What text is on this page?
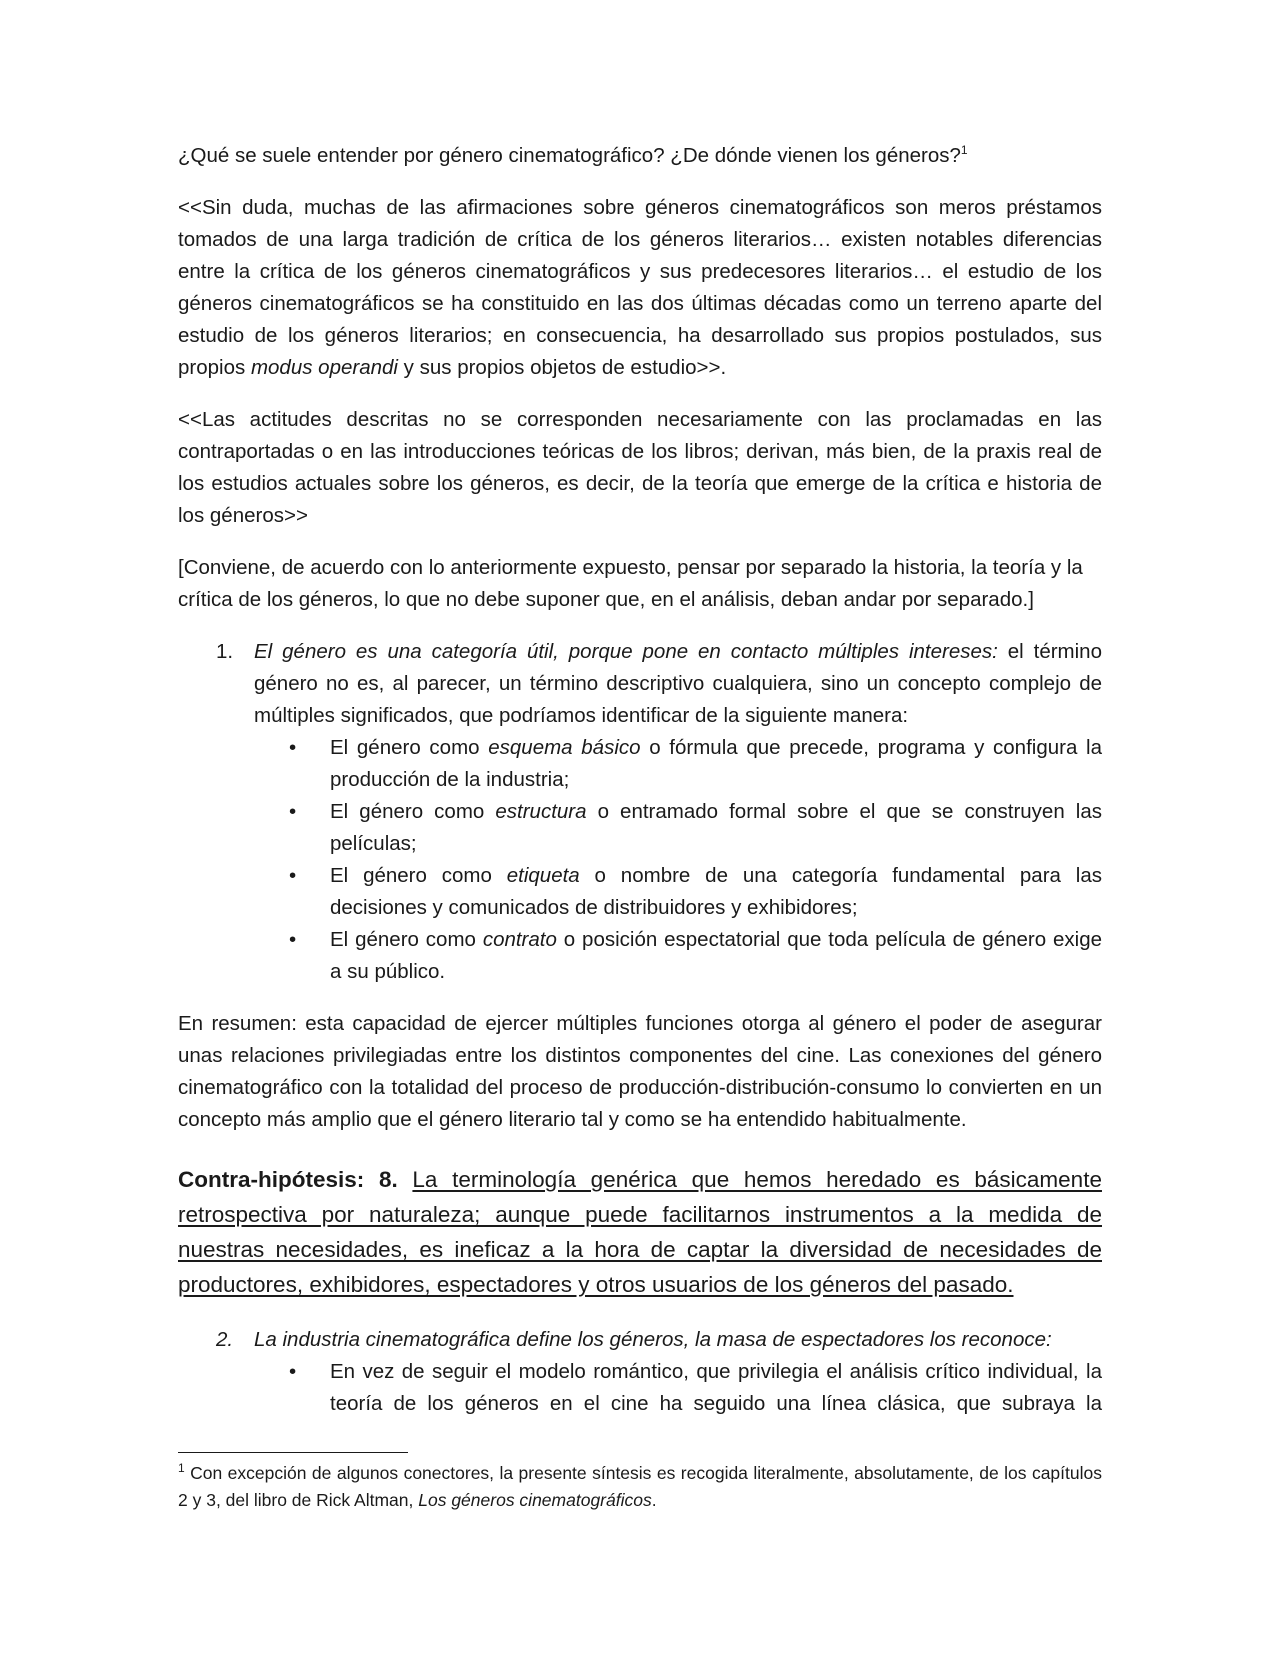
¿Qué se suele entender por género cinematográfico? ¿De dónde vienen los géneros?$^1$

<<Sin duda, muchas de las afirmaciones sobre géneros cinematográficos son meros préstamos tomados de una larga tradición de crítica de los géneros literarios… existen notables diferencias entre la crítica de los géneros cinematográficos y sus predecesores literarios… el estudio de los géneros cinematográficos se ha constituido en las dos últimas décadas como un terreno aparte del estudio de los géneros literarios; en consecuencia, ha desarrollado sus propios postulados, sus propios modus operandi y sus propios objetos de estudio>>.

<<Las actitudes descritas no se corresponden necesariamente con las proclamadas en las contraportadas o en las introducciones teóricas de los libros; derivan, más bien, de la praxis real de los estudios actuales sobre los géneros, es decir, de la teoría que emerge de la crítica e historia de los géneros>>

[Conviene, de acuerdo con lo anteriormente expuesto, pensar por separado la historia, la teoría y la crítica de los géneros, lo que no debe suponer que, en el análisis, deban andar por separado.]

1.	El género es una categoría útil, porque pone en contacto múltiples intereses: el término género no es, al parecer, un término descriptivo cualquiera, sino un concepto complejo de múltiples significados, que podríamos identificar de la siguiente manera:

• El género como esquema básico o fórmula que precede, programa y configura la producción de la industria;
• El género como estructura o entramado formal sobre el que se construyen las películas;
• El género como etiqueta o nombre de una categoría fundamental para las decisiones y comunicados de distribuidores y exhibidores;
• El género como contrato o posición espectatorial que toda película de género exige a su público.

En resumen: esta capacidad de ejercer múltiples funciones otorga al género el poder de asegurar unas relaciones privilegiadas entre los distintos componentes del cine. Las conexiones del género cinematográfico con la totalidad del proceso de producción-distribución-consumo lo convierten en un concepto más amplio que el género literario tal y como se ha entendido habitualmente.

Contra-hipótesis: 8. La terminología genérica que hemos heredado es básicamente retrospectiva por naturaleza; aunque puede facilitarnos instrumentos a la medida de nuestras necesidades, es ineficaz a la hora de captar la diversidad de necesidades de productores, exhibidores, espectadores y otros usuarios de los géneros del pasado.

2.	La industria cinematográfica define los géneros, la masa de espectadores los reconoce:

• En vez de seguir el modelo romántico, que privilegia el análisis crítico individual, la teoría de los géneros en el cine ha seguido una línea clásica, que subraya la

$^1$ Con excepción de algunos conectores, la presente síntesis es recogida literalmente, absolutamente, de los capítulos 2 y 3, del libro de Rick Altman, Los géneros cinematográficos.
